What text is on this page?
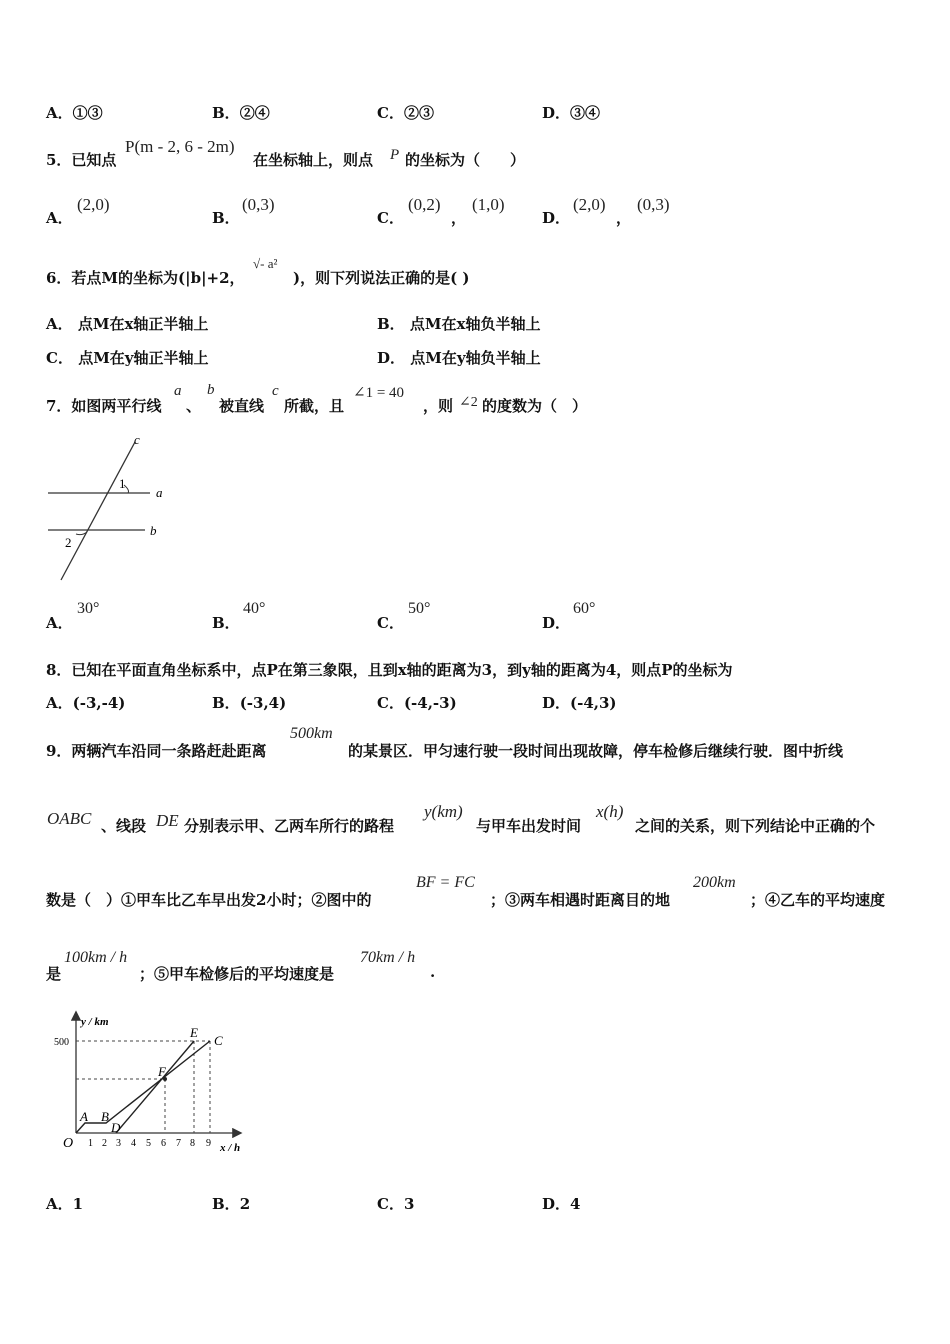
A．①③	B．②④	C．②③	D．③④
5．已知点
P(m - 2, 6 - 2m)
在坐标轴上，则点 P 的坐标为（　　）
A．
(2,0)
B．
(0,3)
C．
(0,2)
，
(1,0)
D．
(2,0)
，
(0,3)
6．若点M的坐标为(|b|+2，
√- a²
)，则下列说法正确的是( )
A． 点M在x轴正半轴上	B． 点M在x轴负半轴上
C． 点M在y轴正半轴上	D． 点M在y轴负半轴上
7．如图两平行线
a
、
b
被直线
c
所截，且
∠1 = 40
，则 ∠2 的度数为（　）
c
a
b
1
2
A．
30°
B．
40°
C．
50°
D．
60°
8．已知在平面直角坐标系中，点P在第三象限，且到x轴的距离为3，到y轴的距离为4，则点P的坐标为
A．(-3,-4)	B．(-3,4)	C．(-4,-3)	D．(-4,3)
9．两辆汽车沿同一条路赶赴距离
500km
的某景区．甲匀速行驶一段时间出现故障，停车检修后继续行驶．图中折线
OABC 、线段 DE 分别表示甲、乙两车所行的路程
y(km)
与甲车出发时间
x(h)
之间的关系，则下列结论中正确的个
数是（　）①甲车比乙车早出发2小时；②图中的
BF = FC
；③两车相遇时距离目的地
200km
；④乙车的平均速度
是
100km / h
；⑤甲车检修后的平均速度是
70km / h
.
y / km
x / h
500
O 1 2 3 4 5 6 7 8 9
A B
D
F
E
C
A．1	B．2	C．3	D．4
